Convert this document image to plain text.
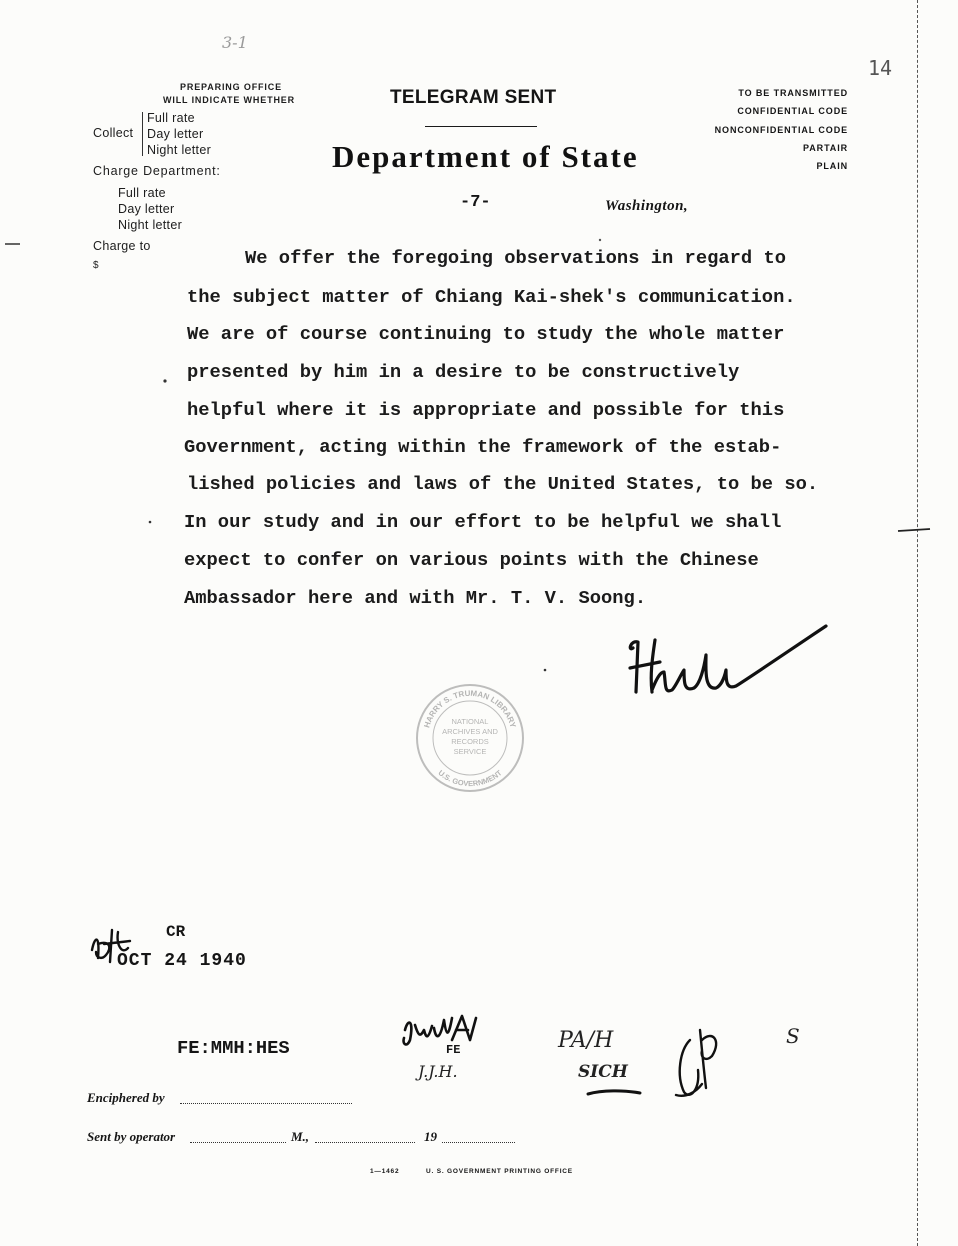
3-1
14
PREPARING OFFICE
WILL INDICATE WHETHER
Collect
Full rate
Day letter
Night letter
Charge Department:
Full rate
Day letter
Night letter
Charge to
$
TELEGRAM SENT
Department of State
-7-	Washington,
TO BE TRANSMITTED
CONFIDENTIAL CODE
NONCONFIDENTIAL CODE
PARTAIR
PLAIN
We offer the foregoing observations in regard to
the subject matter of Chiang Kai-shek's communication.
We are of course continuing to study the whole matter
presented by him in a desire to be constructively
helpful where it is appropriate and possible for this
Government, acting within the framework of the estab-
lished policies and laws of the United States, to be so.
In our study and in our effort to be helpful we shall
expect to confer on various points with the Chinese
Ambassador here and with Mr. T. V. Soong.
CR
OCT 24 1940
FE:MMH:HES	FE
J.J.H.
PA/H
SICH
S
Enciphered by
Sent by operator	M.,	19
1—1462	U. S. GOVERNMENT PRINTING OFFICE
HARRY S. TRUMAN LIBRARY
U.S. GOVERNMENT
NATIONAL
ARCHIVES AND
RECORDS
SERVICE
